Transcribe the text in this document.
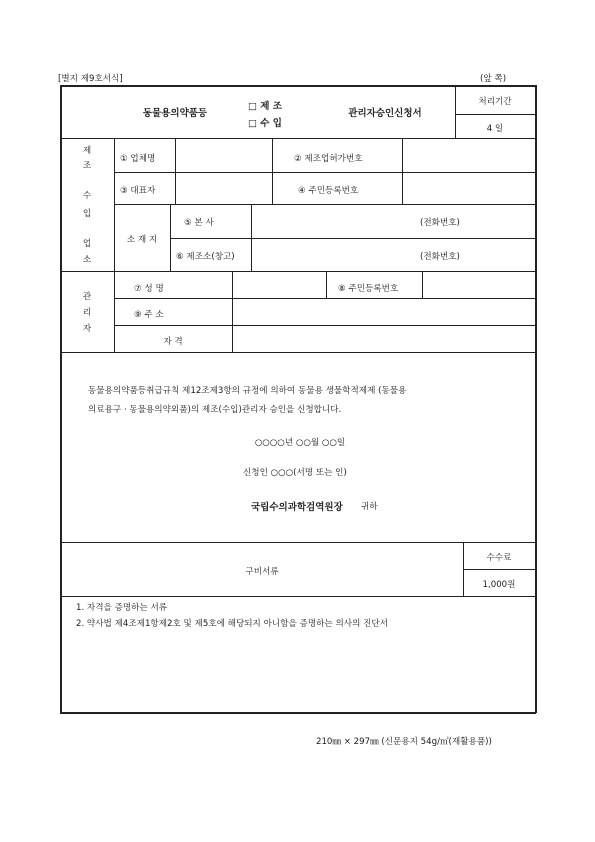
[별지 제9호서식]	(앞 쪽)
동물용의약품등
□ 제 조
□ 수 입
관리자승인신청서
처리기간
4 일
제
조
수
입
업
소
① 업체명	② 제조업허가번호
③ 대표자	④ 주민등록번호
소 재 지
⑤ 본 사	(전화번호)
⑥ 제조소(창고)	(전화번호)
관
리
자
⑦ 성 명	⑧ 주민등록번호
⑨ 주 소
자 격
동물용의약품등취급규칙 제12조제3항의 규정에 의하여 동물용 생물학적제제 (동물용
의료용구 · 동물용의약외품)의 제조(수입)관리자 승인을 신청합니다.
○○○○년 ○○월 ○○일
신청인 ○○○(서명 또는 인)
국립수의과학검역원장 귀하
구비서류
수수료
1,000원
1. 자격을 증명하는 서류
2. 약사법 제4조제1항제2호 및 제5호에 해당되지 아니함을 증명하는 의사의 진단서
210㎜ × 297㎜ (신문용지 54g/㎡(재활용품))
